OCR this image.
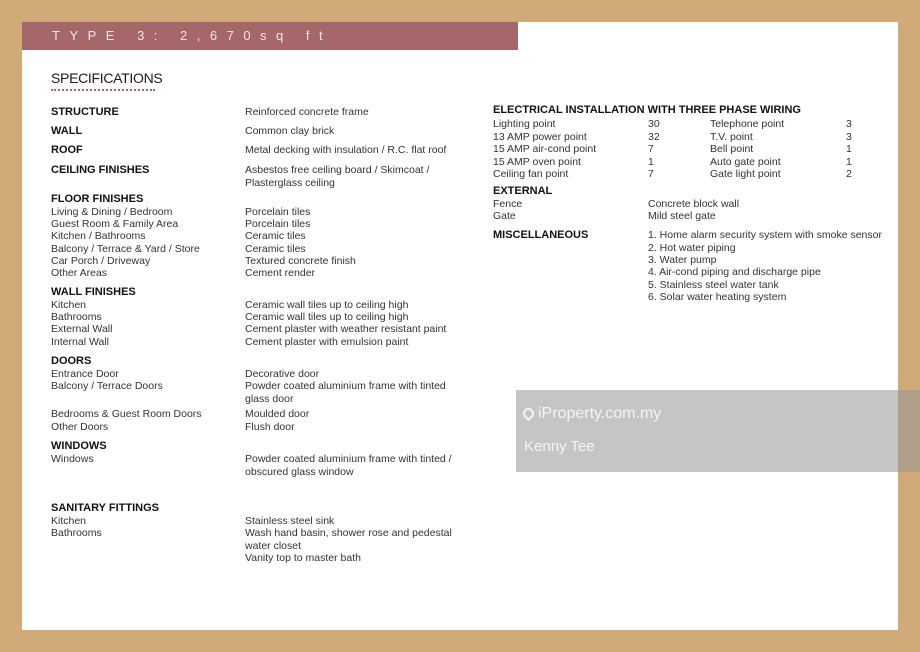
TYPE 3: 2,670sq ft
SPECIFICATIONS
STRUCTURE	Reinforced concrete frame
WALL	Common clay brick
ROOF	Metal decking with insulation / R.C. flat roof
CEILING FINISHES	Asbestos free ceiling board / Skimcoat / Plasterglass ceiling
FLOOR FINISHES
Living & Dining / Bedroom	Porcelain tiles
Guest Room & Family Area	Porcelain tiles
Kitchen / Bathrooms	Ceramic tiles
Balcony / Terrace & Yard / Store	Ceramic tiles
Car Porch / Driveway	Textured concrete finish
Other Areas	Cement render
WALL FINISHES
Kitchen	Ceramic wall tiles up to ceiling high
Bathrooms	Ceramic wall tiles up to ceiling high
External Wall	Cement plaster with weather resistant paint
Internal Wall	Cement plaster with emulsion paint
DOORS
Entrance Door	Decorative door
Balcony / Terrace Doors	Powder coated aluminium frame with tinted glass door
Bedrooms & Guest Room Doors	Moulded door
Other Doors	Flush door
WINDOWS
Windows	Powder coated aluminium frame with tinted / obscured glass window
SANITARY FITTINGS
Kitchen	Stainless steel sink
Bathrooms	Wash hand basin, shower rose and pedestal water closet
Vanity top to master bath
ELECTRICAL INSTALLATION WITH THREE PHASE WIRING
Lighting point	30	Telephone point	3
13 AMP power point	32	T.V. point	3
15 AMP air-cond point	7	Bell point	1
15 AMP oven point	1	Auto gate point	1
Ceiling fan point	7	Gate light point	2
EXTERNAL
Fence	Concrete block wall
Gate	Mild steel gate
MISCELLANEOUS	1. Home alarm security system with smoke sensor
2. Hot water piping
3. Water pump
4. Air-cond piping and discharge pipe
5. Stainless steel water tank
6. Solar water heating system
iProperty.com.my
Kenny Tee
